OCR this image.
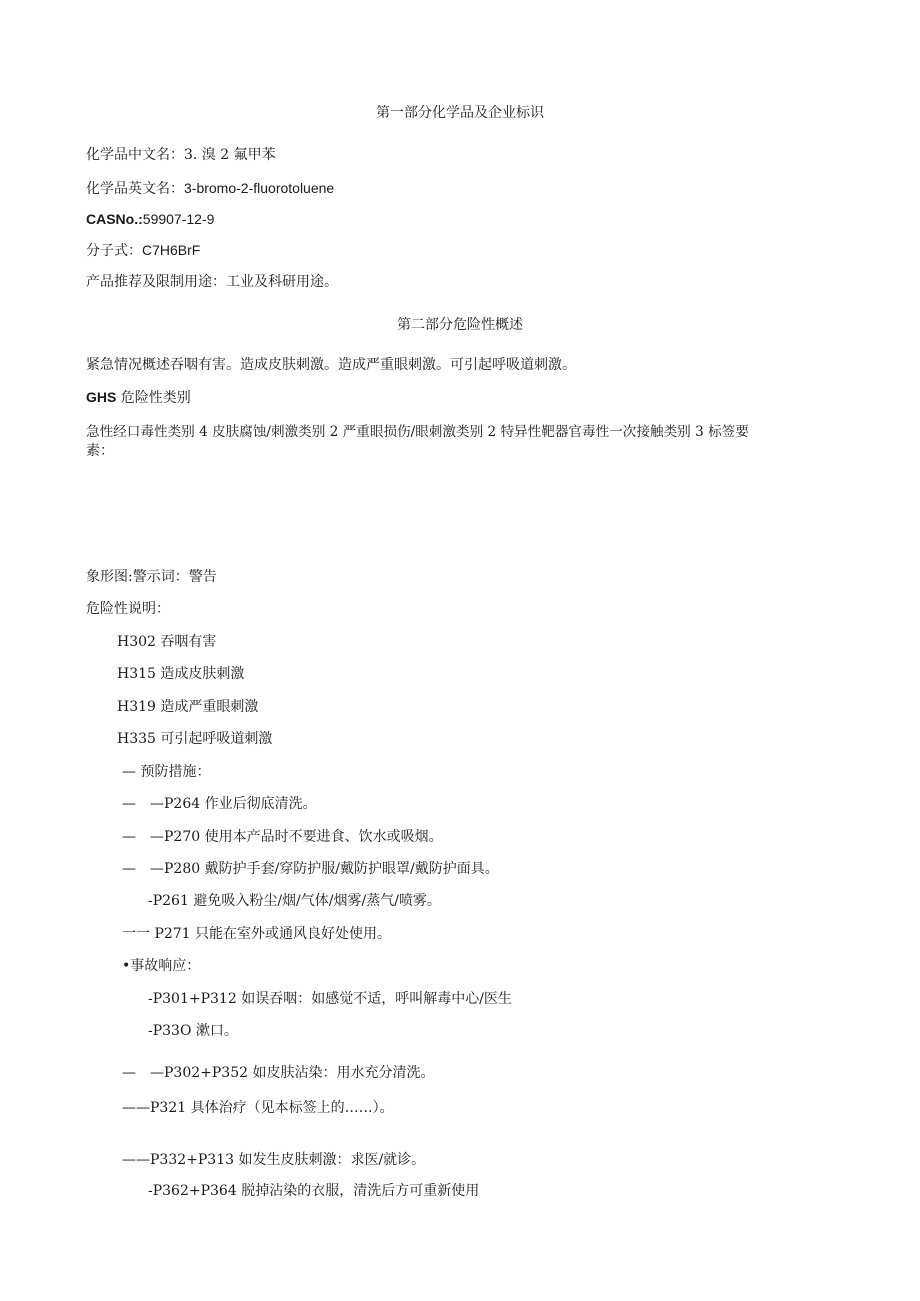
第一部分化学品及企业标识
化学品中文名：3. 溴 2 氟甲苯
化学品英文名：3-bromo-2-fluorotoluene
CASNo.:59907-12-9
分子式：C7H6BrF
产品推荐及限制用途：工业及科研用途。
第二部分危险性概述
紧急情况概述吞咽有害。造成皮肤刺激。造成严重眼刺激。可引起呼吸道刺激。
GHS 危险性类别
急性经口毒性类别 4 皮肤腐蚀/刺激类别 2 严重眼损伤/眼刺激类别 2 特异性靶器官毒性一次接触类别 3 标签要
素：
象形图:警示词：警告
危险性说明：
H302 吞咽有害
H315 造成皮肤刺激
H319 造成严重眼刺激
H335 可引起呼吸道刺激
— 预防措施：
—　—P264 作业后彻底清洗。
—　—P270 使用本产品时不要进食、饮水或吸烟。
—　—P280 戴防护手套/穿防护服/戴防护眼罩/戴防护面具。
-P261 避免吸入粉尘/烟/气体/烟雾/蒸气/喷雾。
一一 P271 只能在室外或通风良好处使用。
•事故响应：
-P301+P312 如误吞咽：如感觉不适，呼叫解毒中心/医生
-P33O 漱口。
—　—P302+P352 如皮肤沾染：用水充分清洗。
——P321 具体治疗（见本标签上的……）。
——P332+P313 如发生皮肤刺激：求医/就诊。
-P362+P364 脱掉沾染的衣服，清洗后方可重新使用
